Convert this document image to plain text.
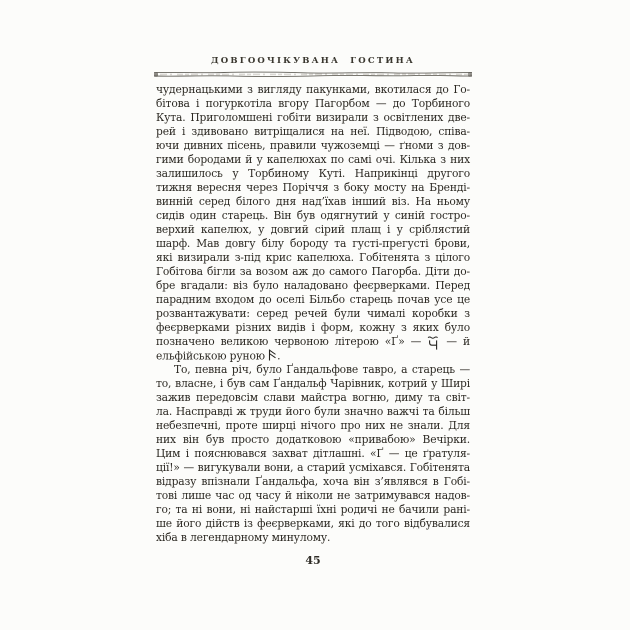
ДОВГООЧІКУВАНА ГОСТИНА
чудернацькими з вигляду пакунками, вкотилася до Го-
бітова і погуркотіла вгору Пагорбом — до Торбиного
Кута. Приголомшені гобіти визирали з освітлених две-
рей і здивовано витріщалися на неї. Підводою, співа-
ючи дивних пісень, правили чужоземці — ґноми з дов-
гими бородами й у капелюхах по самі очі. Кілька з них
залишилось у Торбиному Куті. Наприкінці другого
тижня вересня через Поріччя з боку мосту на Бренді-
винній серед білого дня над’їхав інший віз. На ньому
сидів один старець. Він був одягнутий у синій гостро-
верхий капелюх, у довгий сірий плащ і у сріблястий
шарф. Мав довгу білу бороду та густі-прегусті брови,
які визирали з-під крис капелюха. Гобітенята з цілого
Гобітова бігли за возом аж до самого Пагорба. Діти до-
бре вгадали: віз було наладовано феєрверками. Перед
парадним входом до оселі Більбо старець почав усе це
розвантажувати: серед речей були чималі коробки з
феєрверками різних видів і форм, кожну з яких було
позначено великою червоною літерою «Ґ» —  — й
ельфійською руною .
То, певна річ, було Ґандальфове тавро, а старець —
то, власне, і був сам Ґандальф Чарівник, котрий у Ширі
зажив передовсім слави майстра вогню, диму та світ-
ла. Насправді ж труди його були значно важчі та більш
небезпечні, проте ширці нічого про них не знали. Для
них він був просто додатковою «привабою» Вечірки.
Цим і пояснювався захват дітлашні. «Ґ — це ґратуля-
ції!» — вигукували вони, а старий усміхався. Гобітенята
відразу впізнали Ґандальфа, хоча він з’являвся в Гобі-
тові лише час од часу й ніколи не затримувався надов-
го; та ні вони, ні найстарші їхні родичі не бачили рані-
ше його дійств із феєрверками, які до того відбувалися
хіба в легендарному минулому.
45
